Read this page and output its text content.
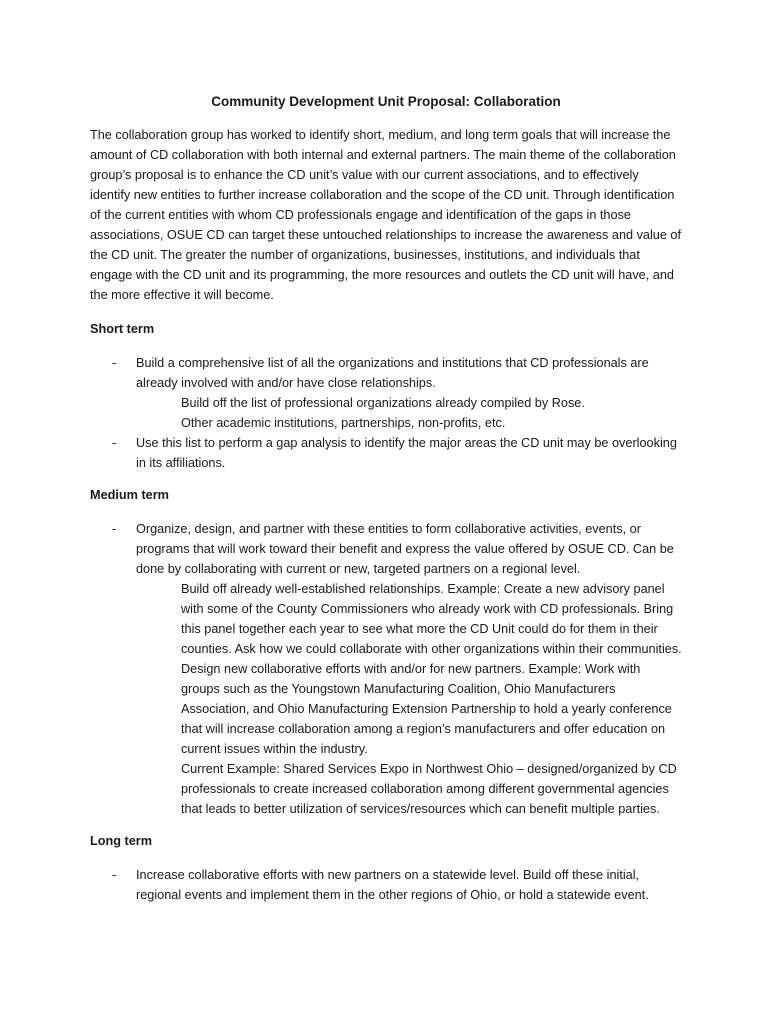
Community Development Unit Proposal: Collaboration
The collaboration group has worked to identify short, medium, and long term goals that will increase the amount of CD collaboration with both internal and external partners. The main theme of the collaboration group’s proposal is to enhance the CD unit’s value with our current associations, and to effectively identify new entities to further increase collaboration and the scope of the CD unit. Through identification of the current entities with whom CD professionals engage and identification of the gaps in those associations, OSUE CD can target these untouched relationships to increase the awareness and value of the CD unit. The greater the number of organizations, businesses, institutions, and individuals that engage with the CD unit and its programming, the more resources and outlets the CD unit will have, and the more effective it will become.
Short term
- Build a comprehensive list of all the organizations and institutions that CD professionals are already involved with and/or have close relationships.
Build off the list of professional organizations already compiled by Rose.
Other academic institutions, partnerships, non-profits, etc.
- Use this list to perform a gap analysis to identify the major areas the CD unit may be overlooking in its affiliations.
Medium term
- Organize, design, and partner with these entities to form collaborative activities, events, or programs that will work toward their benefit and express the value offered by OSUE CD. Can be done by collaborating with current or new, targeted partners on a regional level.
Build off already well-established relationships. Example: Create a new advisory panel with some of the County Commissioners who already work with CD professionals. Bring this panel together each year to see what more the CD Unit could do for them in their counties. Ask how we could collaborate with other organizations within their communities.
Design new collaborative efforts with and/or for new partners. Example: Work with groups such as the Youngstown Manufacturing Coalition, Ohio Manufacturers Association, and Ohio Manufacturing Extension Partnership to hold a yearly conference that will increase collaboration among a region’s manufacturers and offer education on current issues within the industry.
Current Example: Shared Services Expo in Northwest Ohio – designed/organized by CD professionals to create increased collaboration among different governmental agencies that leads to better utilization of services/resources which can benefit multiple parties.
Long term
- Increase collaborative efforts with new partners on a statewide level. Build off these initial, regional events and implement them in the other regions of Ohio, or hold a statewide event.
